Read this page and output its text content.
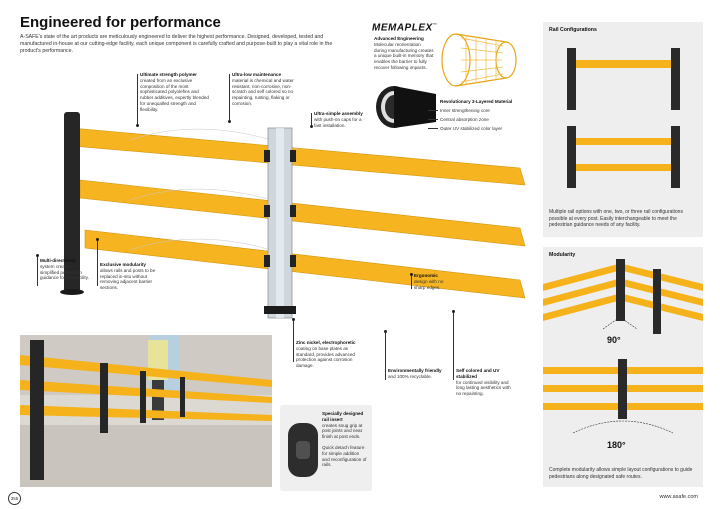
Engineered for performance
A-SAFE's state of the art products are meticulously engineered to deliver the highest performance. Designed, developed, tested and manufactured in-house at our cutting-edge facility, each unique component is carefully crafted and purpose-built to play a vital role in the product's performance.
Ultimate strength polymer
created from an exclusive composition of the most sophisticated polyolefins and rubber additives, expertly blended for unequalled strength and flexibility.
Ultra-low maintenance
material is chemical and water resistant, non-corrosive, non-scratch and self colored so no repainting, rusting, flaking or corrosion.
Ultra-simple assembly
with push-on caps for a fast installation.
Multi-directional
system creates simplified pedestrian guidance for any facility.
Exclusive modularity
allows rails and posts to be replaced in-situ without removing adjacent barrier sections.
Ergonomic
design with no sharp edges.
Zinc nickel, electrophoretic
coating on base plates as standard, provides advanced protection against corrosion damage.
Environmentally friendly
and 100% recyclable.
Self colored and UV stabilized
for continued visibility and long lasting aesthetics with no repainting.
MEMAPLEX™
Advanced Engineering
Molecular reorientation during manufacturing creates a unique built-in memory that enables the barrier to fully recover following impacts.
Revolutionary 3-Layered Material
Inner strengthening core
Central absorption zone
Outer UV stabilized color layer
Rail Configurations
Multiple rail options with one, two, or three rail configurations possible at every post. Easily interchangeable to meet the pedestrian guidance needs of any facility.
Modularity
90°
180°
Complete modularity allows simple layout configurations to guide pedestrians along designated safe routes.
Specially designed rail insert
creates snug grip at post joints and neat finish at post ends.
Quick detach feature for simple addition and reconfiguration of rails.
355	www.asafe.com
